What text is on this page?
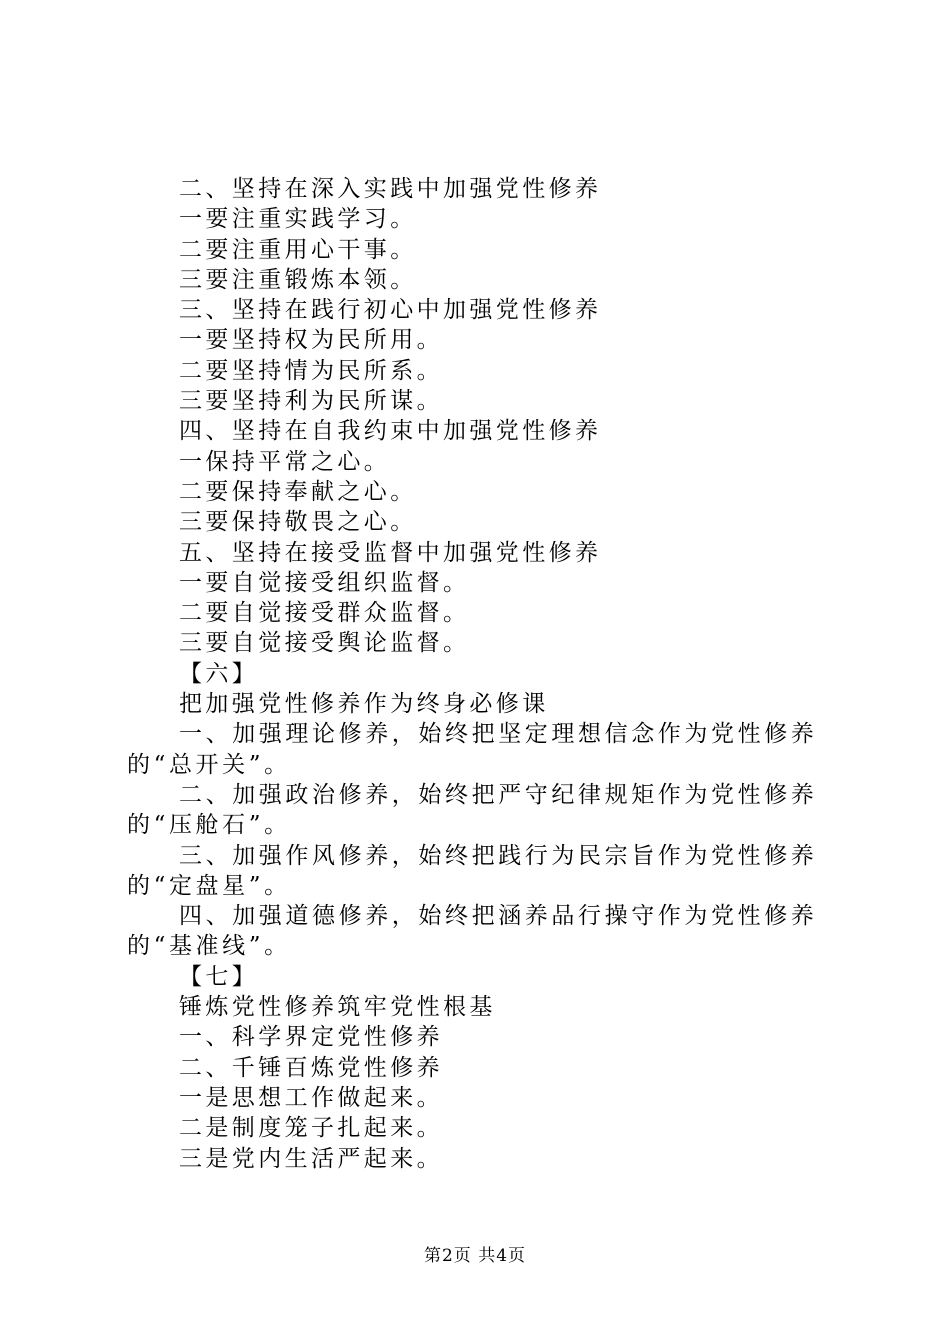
二、坚持在深入实践中加强党性修养
一要注重实践学习。
二要注重用心干事。
三要注重锻炼本领。
三、坚持在践行初心中加强党性修养
一要坚持权为民所用。
二要坚持情为民所系。
三要坚持利为民所谋。
四、坚持在自我约束中加强党性修养
一保持平常之心。
二要保持奉献之心。
三要保持敬畏之心。
五、坚持在接受监督中加强党性修养
一要自觉接受组织监督。
二要自觉接受群众监督。
三要自觉接受舆论监督。
【六】
把加强党性修养作为终身必修课
一、加强理论修养，始终把坚定理想信念作为党性修养的“总开关”。
二、加强政治修养，始终把严守纪律规矩作为党性修养的“压舱石”。
三、加强作风修养，始终把践行为民宗旨作为党性修养的“定盘星”。
四、加强道德修养，始终把涵养品行操守作为党性修养的“基准线”。
【七】
锤炼党性修养筑牢党性根基
一、科学界定党性修养
二、千锤百炼党性修养
一是思想工作做起来。
二是制度笼子扎起来。
三是党内生活严起来。
第2页 共4页
